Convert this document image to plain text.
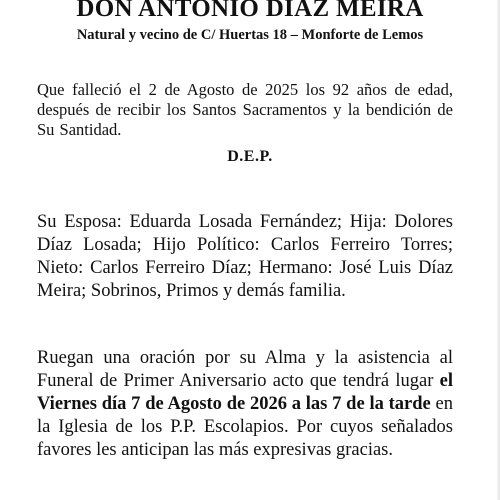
DON ANTONIO DIAZ MEIRA
Natural y vecino de C/ Huertas 18 – Monforte de Lemos

Que falleció el 2 de Agosto de 2025 los 92 años de edad, después de recibir los Santos Sacramentos y la bendición de Su Santidad.

D.E.P.

Su Esposa: Eduarda Losada Fernández; Hija: Dolores Díaz Losada; Hijo Político: Carlos Ferreiro Torres; Nieto: Carlos Ferreiro Díaz; Hermano: José Luis Díaz Meira; Sobrinos, Primos y demás familia.

Ruegan una oración por su Alma y la asistencia al Funeral de Primer Aniversario acto que tendrá lugar el Viernes día 7 de Agosto de 2026 a las 7 de la tarde en la Iglesia de los P.P. Escolapios. Por cuyos señalados favores les anticipan las más expresivas gracias.
